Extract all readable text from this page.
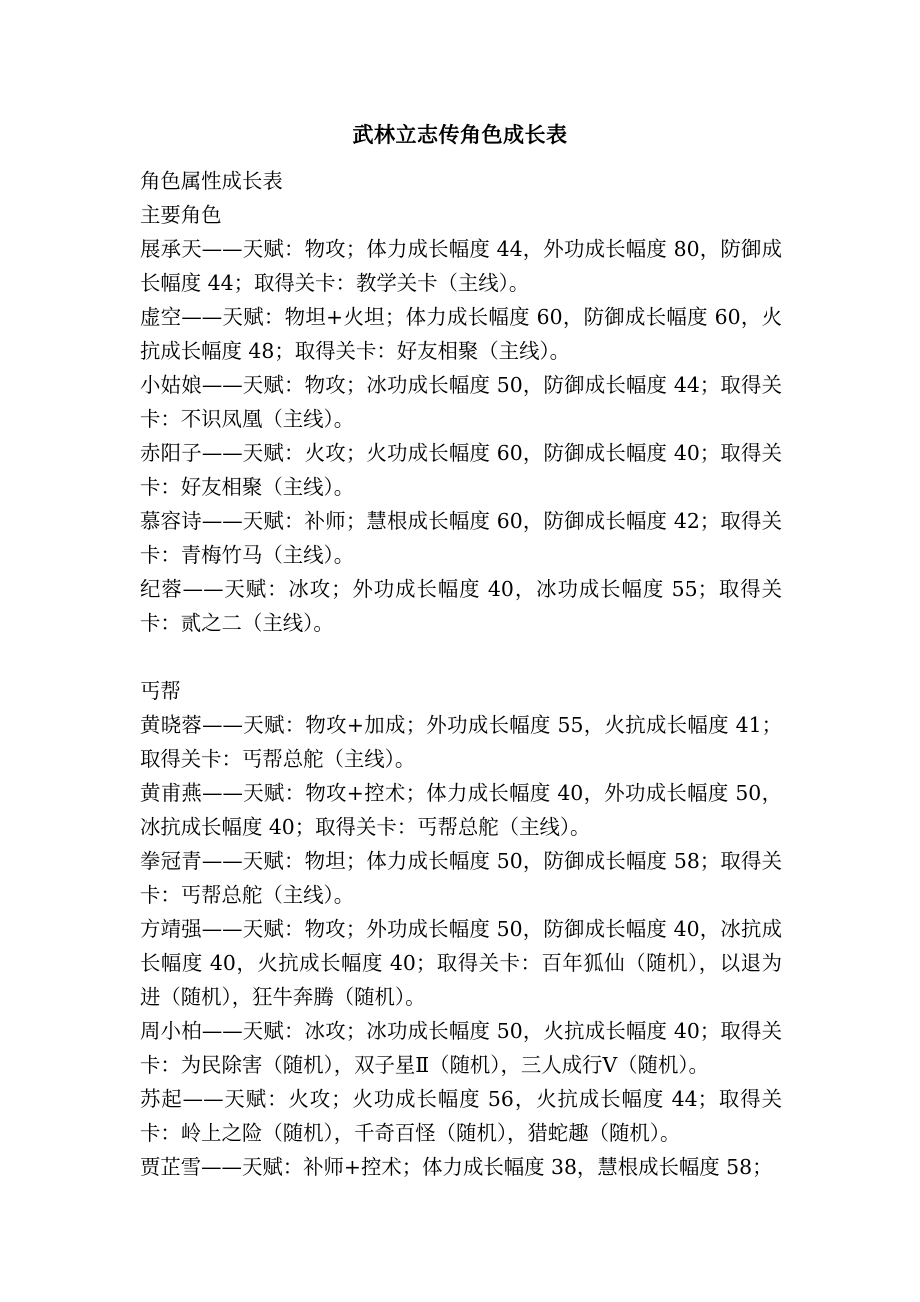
武林立志传角色成长表

角色属性成长表

主要角色

展承天——天赋：物攻；体力成长幅度 44，外功成长幅度 80，防御成长幅度 44；取得关卡：教学关卡（主线）。

虚空——天赋：物坦+火坦；体力成长幅度 60，防御成长幅度 60，火抗成长幅度 48；取得关卡：好友相聚（主线）。

小姑娘——天赋：物攻；冰功成长幅度 50，防御成长幅度 44；取得关卡：不识凤凰（主线）。

赤阳子——天赋：火攻；火功成长幅度 60，防御成长幅度 40；取得关卡：好友相聚（主线）。

慕容诗——天赋：补师；慧根成长幅度 60，防御成长幅度 42；取得关卡：青梅竹马（主线）。

纪蓉——天赋：冰攻；外功成长幅度 40，冰功成长幅度 55；取得关卡：贰之二（主线）。

丐帮

黄晓蓉——天赋：物攻+加成；外功成长幅度 55，火抗成长幅度 41；取得关卡：丐帮总舵（主线）。

黄甫燕——天赋：物攻+控术；体力成长幅度 40，外功成长幅度 50，冰抗成长幅度 40；取得关卡：丐帮总舵（主线）。

拳冠青——天赋：物坦；体力成长幅度 50，防御成长幅度 58；取得关卡：丐帮总舵（主线）。

方靖强——天赋：物攻；外功成长幅度 50，防御成长幅度 40，冰抗成长幅度 40，火抗成长幅度 40；取得关卡：百年狐仙（随机），以退为进（随机），狂牛奔腾（随机）。

周小柏——天赋：冰攻；冰功成长幅度 50，火抗成长幅度 40；取得关卡：为民除害（随机），双子星Ⅱ（随机），三人成行Ⅴ（随机）。

苏起——天赋：火攻；火功成长幅度 56，火抗成长幅度 44；取得关卡：岭上之险（随机），千奇百怪（随机），猎蛇趣（随机）。

贾芷雪——天赋：补师+控术；体力成长幅度 38，慧根成长幅度 58；
